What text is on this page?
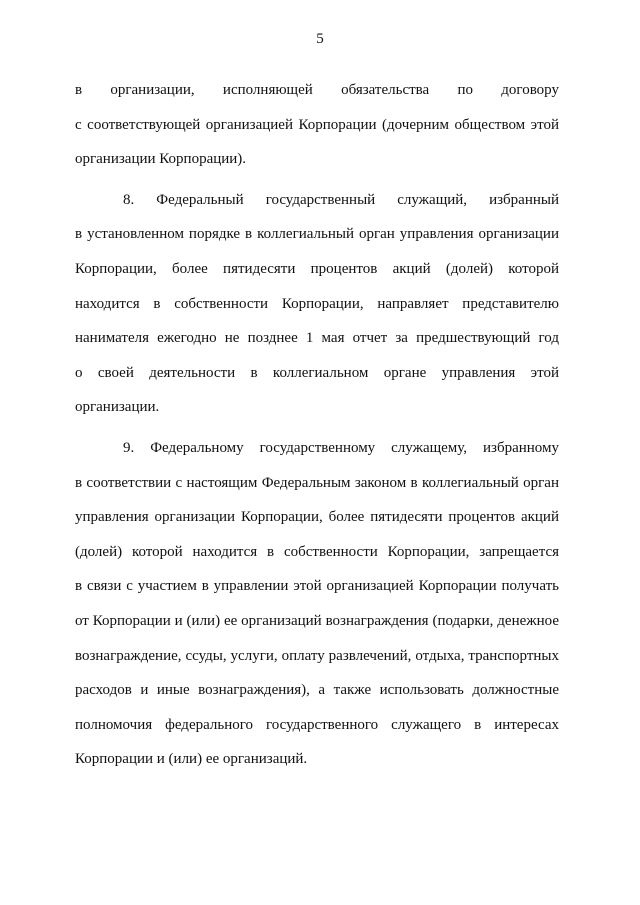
5
в организации, исполняющей обязательства по договору
с соответствующей организацией Корпорации (дочерним обществом этой
организации Корпорации).
8. Федеральный государственный служащий, избранный
в установленном порядке в коллегиальный орган управления организации
Корпорации, более пятидесяти процентов акций (долей) которой
находится в собственности Корпорации, направляет представителю
нанимателя ежегодно не позднее 1 мая отчет за предшествующий год
о своей деятельности в коллегиальном органе управления этой
организации.
9. Федеральному государственному служащему, избранному
в соответствии с настоящим Федеральным законом в коллегиальный орган
управления организации Корпорации, более пятидесяти процентов акций
(долей) которой находится в собственности Корпорации, запрещается
в связи с участием в управлении этой организацией Корпорации получать
от Корпорации и (или) ее организаций вознаграждения (подарки, денежное
вознаграждение, ссуды, услуги, оплату развлечений, отдыха, транспортных
расходов и иные вознаграждения), а также использовать должностные
полномочия федерального государственного служащего в интересах
Корпорации и (или) ее организаций.
